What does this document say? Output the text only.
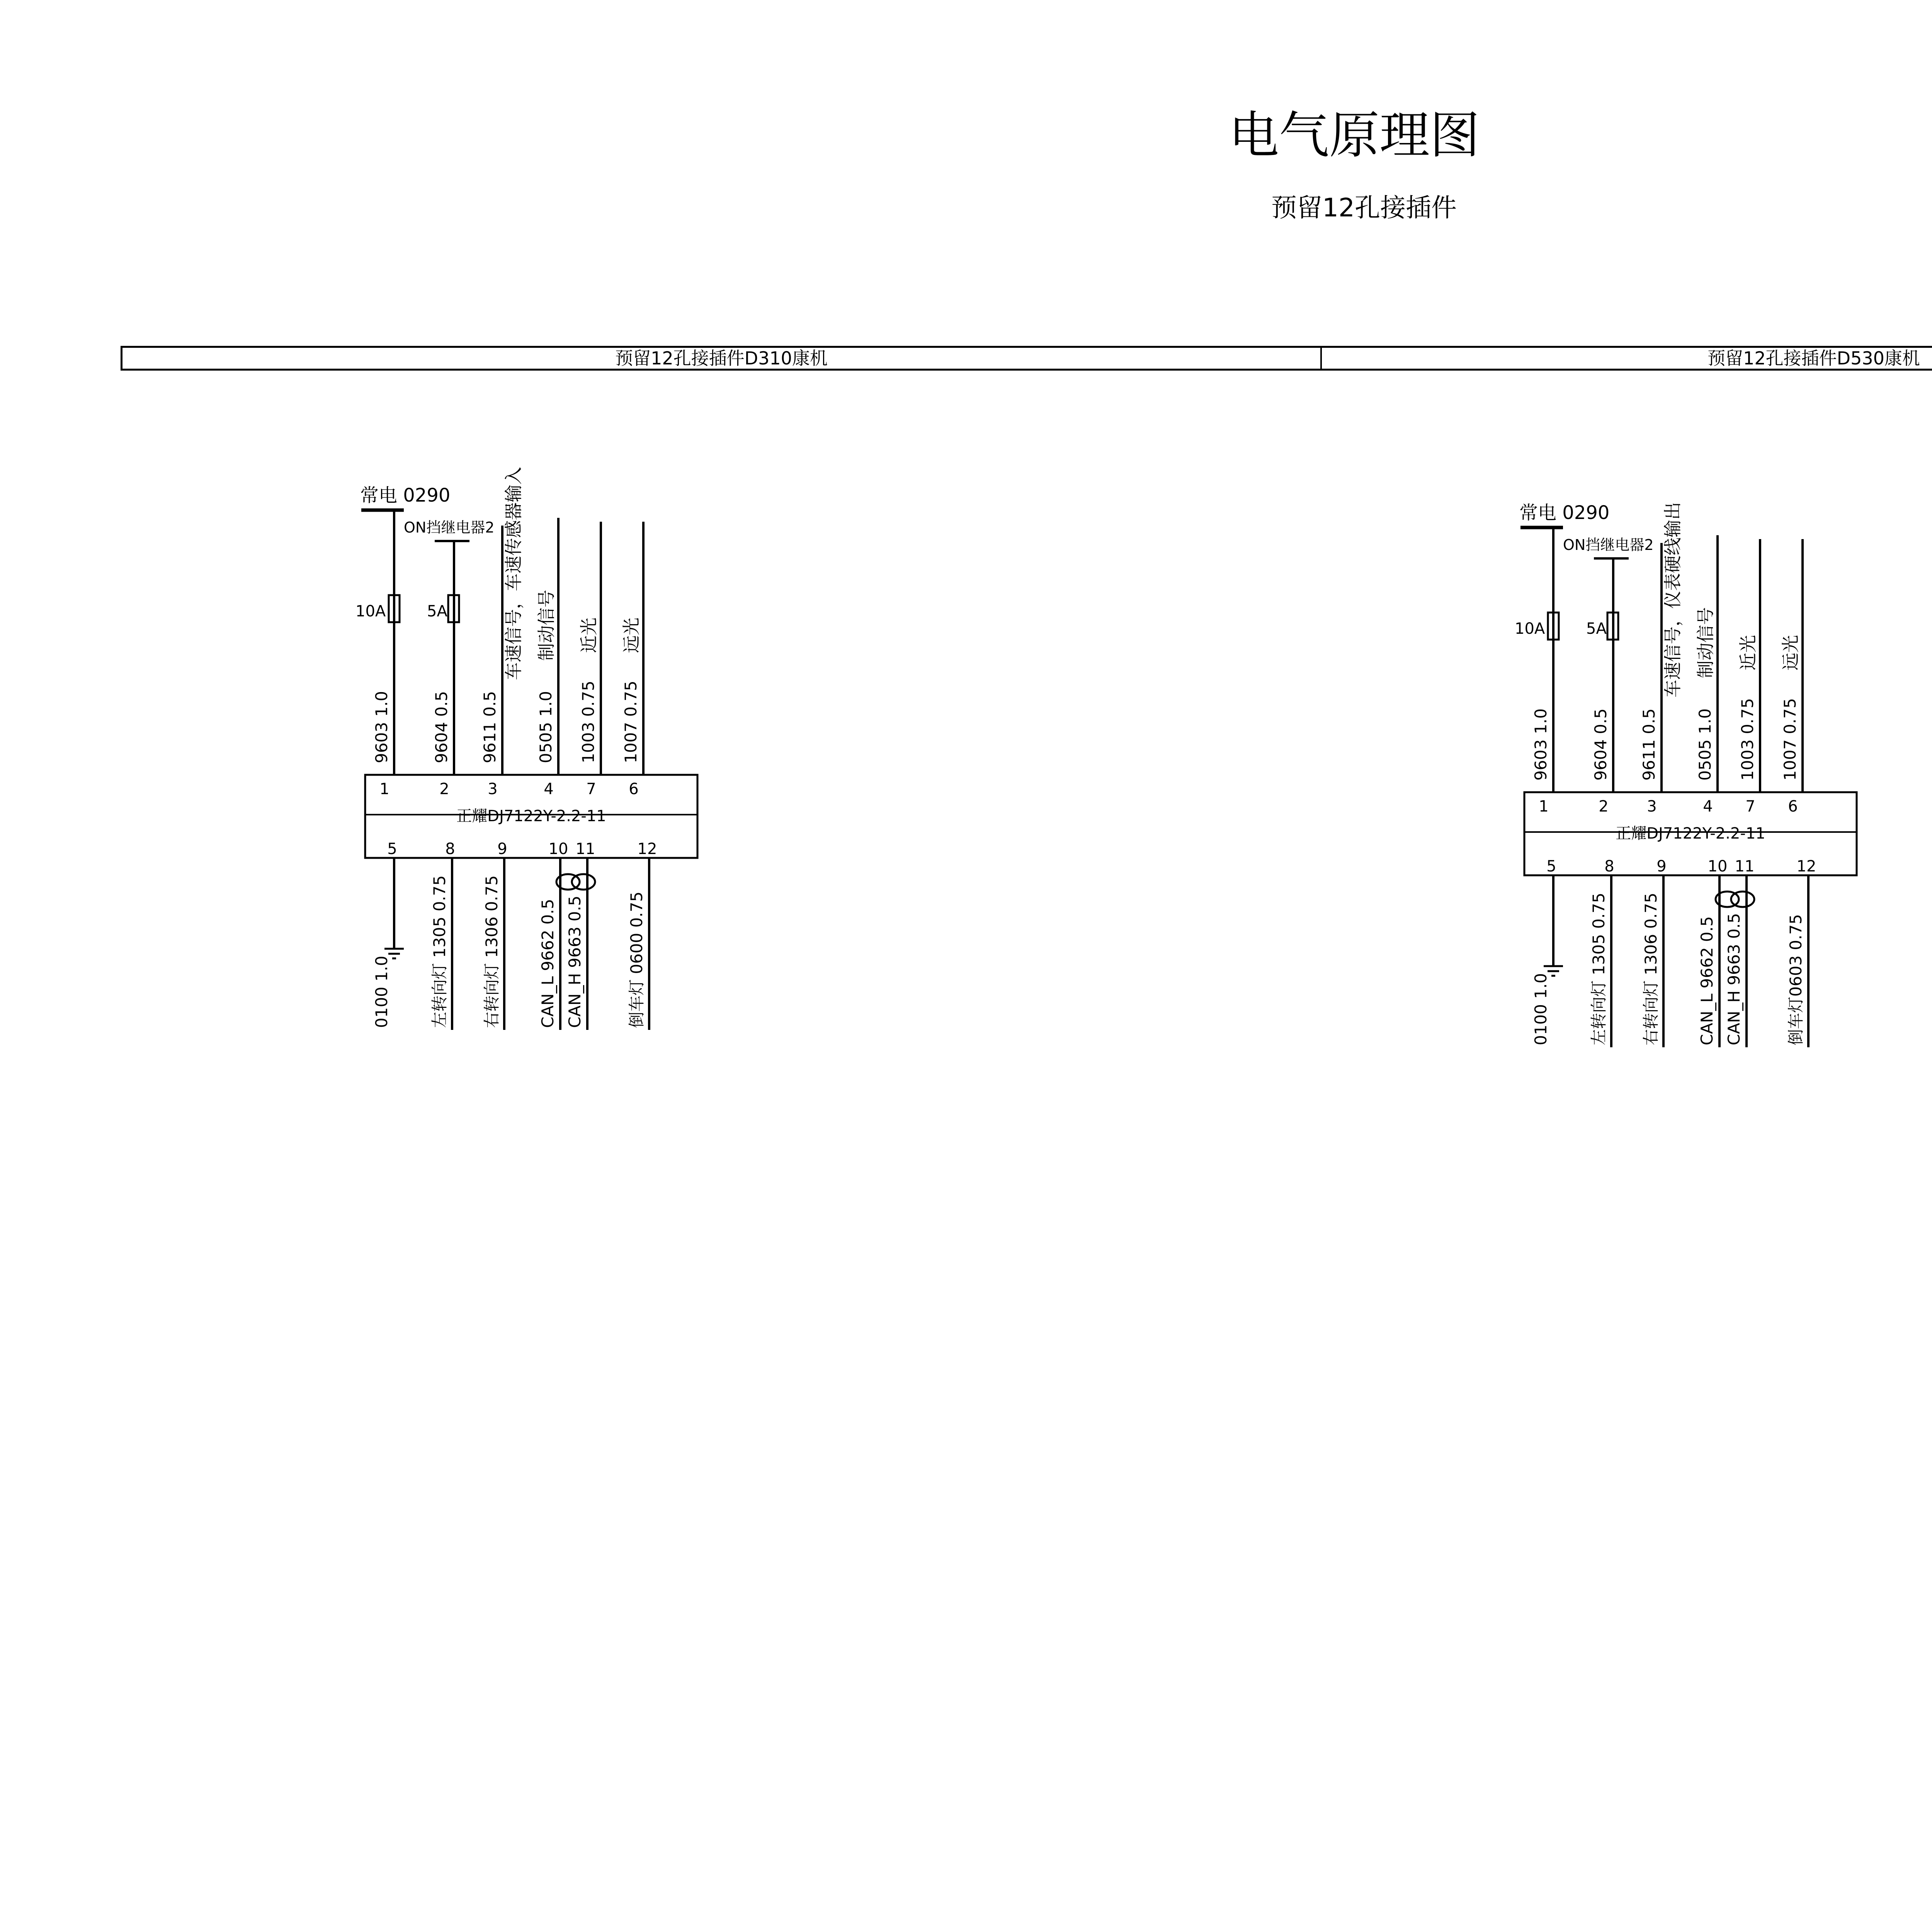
电气原理图
预留12孔接插件
预留12孔接插件D310康机	预留12孔接插件D530康机
常电 0290
ON挡继电器2
10A	5A
正耀DJ7122Y-2.2-11
1
9603 1.0
2
9604 0.5
3
9611 0.5
4
0505 1.0
7
1003 0.75
6
1007 0.75
车速信号，车速传感器输入 制动信号 近光 远光
5
0100 1.0
8
左转向灯 1305 0.75
9
右转向灯 1306 0.75
10
CAN_L 9662 0.5
11
CAN_H 9663 0.5
12
倒车灯 0600 0.75
常电 0290
ON挡继电器2
10A	5A
正耀DJ7122Y-2.2-11
1
9603 1.0
2
9604 0.5
3
9611 0.5
4
0505 1.0
7
1003 0.75
6
1007 0.75
车速信号，仪表硬线输出 制动信号 近光 远光
5
0100 1.0
8
左转向灯 1305 0.75
9
右转向灯 1306 0.75
10
CAN_L 9662 0.5
11
CAN_H 9663 0.5
12
倒车灯0603 0.75
